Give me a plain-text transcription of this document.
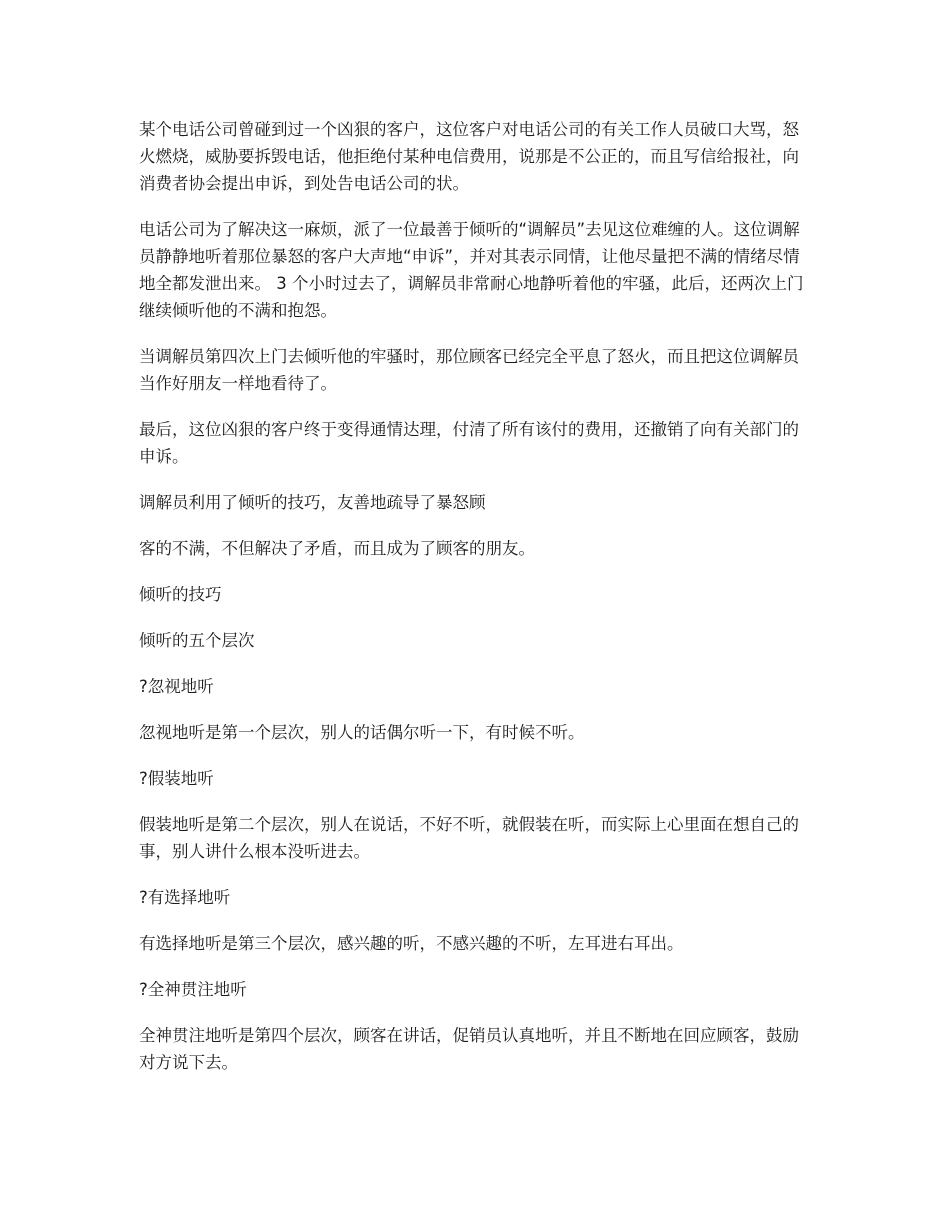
某个电话公司曾碰到过一个凶狠的客户，这位客户对电话公司的有关工作人员破口大骂，怒火燃烧，威胁要拆毁电话，他拒绝付某种电信费用，说那是不公正的，而且写信给报社，向消费者协会提出申诉，到处告电话公司的状。

电话公司为了解决这一麻烦，派了一位最善于倾听的“调解员”去见这位难缠的人。这位调解员静静地听着那位暴怒的客户大声地“申诉”，并对其表示同情，让他尽量把不满的情绪尽情地全都发泄出来。 3 个小时过去了，调解员非常耐心地静听着他的牢骚，此后，还两次上门继续倾听他的不满和抱怨。

当调解员第四次上门去倾听他的牢骚时，那位顾客已经完全平息了怒火，而且把这位调解员当作好朋友一样地看待了。

最后，这位凶狠的客户终于变得通情达理，付清了所有该付的费用，还撤销了向有关部门的申诉。

调解员利用了倾听的技巧，友善地疏导了暴怒顾

客的不满，不但解决了矛盾，而且成为了顾客的朋友。

倾听的技巧

倾听的五个层次

?忽视地听

忽视地听是第一个层次，别人的话偶尔听一下，有时候不听。

?假装地听

假装地听是第二个层次，别人在说话，不好不听，就假装在听，而实际上心里面在想自己的事，别人讲什么根本没听进去。

?有选择地听

有选择地听是第三个层次，感兴趣的听，不感兴趣的不听，左耳进右耳出。

?全神贯注地听

全神贯注地听是第四个层次，顾客在讲话，促销员认真地听，并且不断地在回应顾客，鼓励对方说下去。
